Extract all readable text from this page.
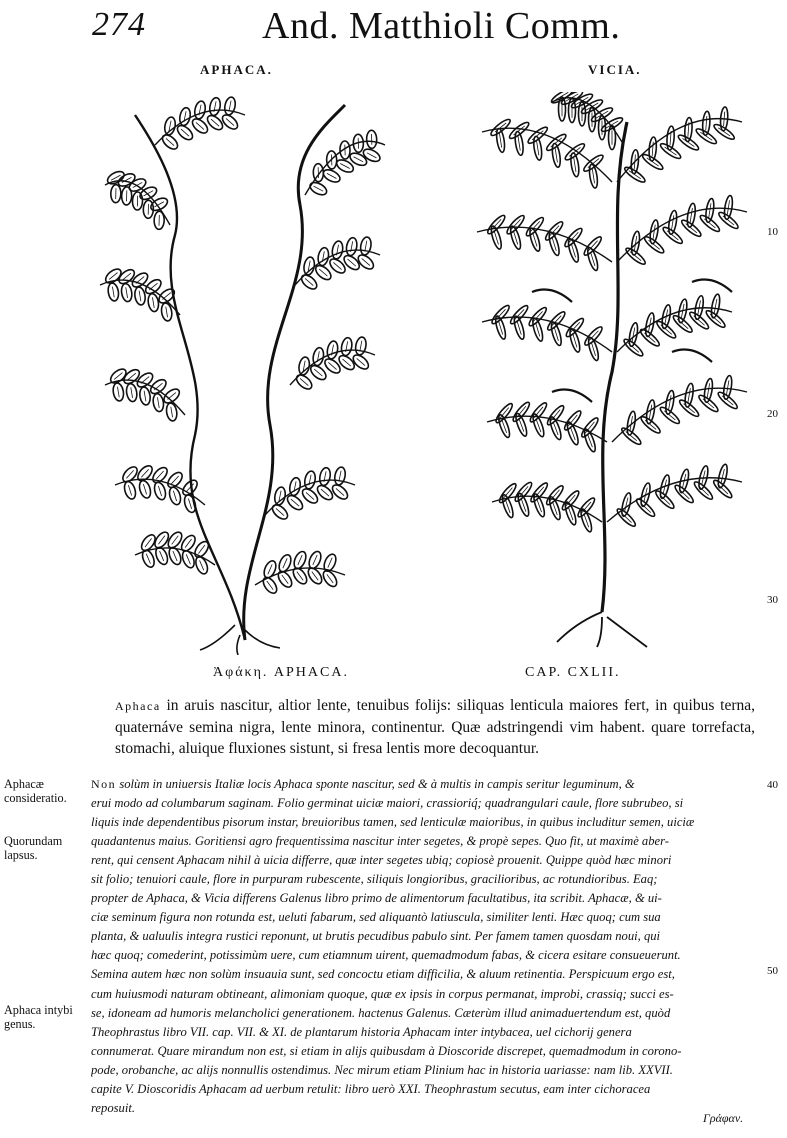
274	And. Matthioli Comm.
APHACA.	VICIA.
Ἀφάκη. APHACA.	CAP. CXLII.
10
20
30
40
50

Aphaca in aruis nascitur, altior lente, tenuibus folijs: siliquas lenticula maiores fert, in quibus terna, quaternáve semina nigra, lente minora, continentur. Quæ adstringendi vim habent. quare torrefacta, stomachi, aluique fluxiones sistunt, si fresa lentis more decoquantur.

Aphacæ consideratio.
Quorundam lapsus.
Aphaca intybi genus.
Non solùm in uniuersis Italiæ locis Aphaca sponte nascitur, sed & à multis in campis seritur leguminum, &
erui modo ad columbarum saginam. Folio germinat uiciæ maiori, crassioriq́; quadrangulari caule, flore subrubeo, si
liquis inde dependentibus pisorum instar, breuioribus tamen, sed lenticulæ maioribus, in quibus includitur semen, uiciæ
quadantenus maius. Goritiensi agro frequentissima nascitur inter segetes, & propè sepes. Quo fit, ut maximè aber-
rent, qui censent Aphacam nihil à uicia differre, quæ inter segetes ubiq; copiosè prouenit. Quippe quòd hæc minori
sit folio; tenuiori caule, flore in purpuram rubescente, siliquis longioribus, gracilioribus, ac rotundioribus. Eaq;
propter de Aphaca, & Vicia differens Galenus libro primo de alimentorum facultatibus, ita scribit. Aphacæ, & ui-
ciæ seminum figura non rotunda est, ueluti fabarum, sed aliquantò latiuscula, similiter lenti. Hæc quoq; cum sua
planta, & ualuulis integra rustici reponunt, ut brutis pecudibus pabulo sint. Per famem tamen quosdam noui, qui
hæc quoq; comederint, potissimùm uere, cum etiamnum uirent, quemadmodum fabas, & cicera esitare consueuerunt.
Semina autem hæc non solùm insuauia sunt, sed concoctu etiam difficilia, & aluum retinentia. Perspicuum ergo est,
cum huiusmodi naturam obtineant, alimoniam quoque, quæ ex ipsis in corpus permanat, improbi, crassiq; succi es-
se, idoneam ad humoris melancholici generationem. hactenus Galenus. Cæterùm illud animaduertendum est, quòd
Theophrastus libro VII. cap. VII. & XI. de plantarum historia Aphacam inter intybacea, uel cichorij genera
connumerat. Quare mirandum non est, si etiam in alijs quibusdam à Dioscoride discrepet, quemadmodum in corono-
pode, orobanche, ac alijs nonnullis ostendimus. Nec mirum etiam Plinium hac in historia uariasse: nam lib. XXVII.
capite V. Dioscoridis Aphacam ad uerbum retulit: libro uerò XXI. Theophrastum secutus, eam inter cichoracea
reposuit.
Γράφαν.
